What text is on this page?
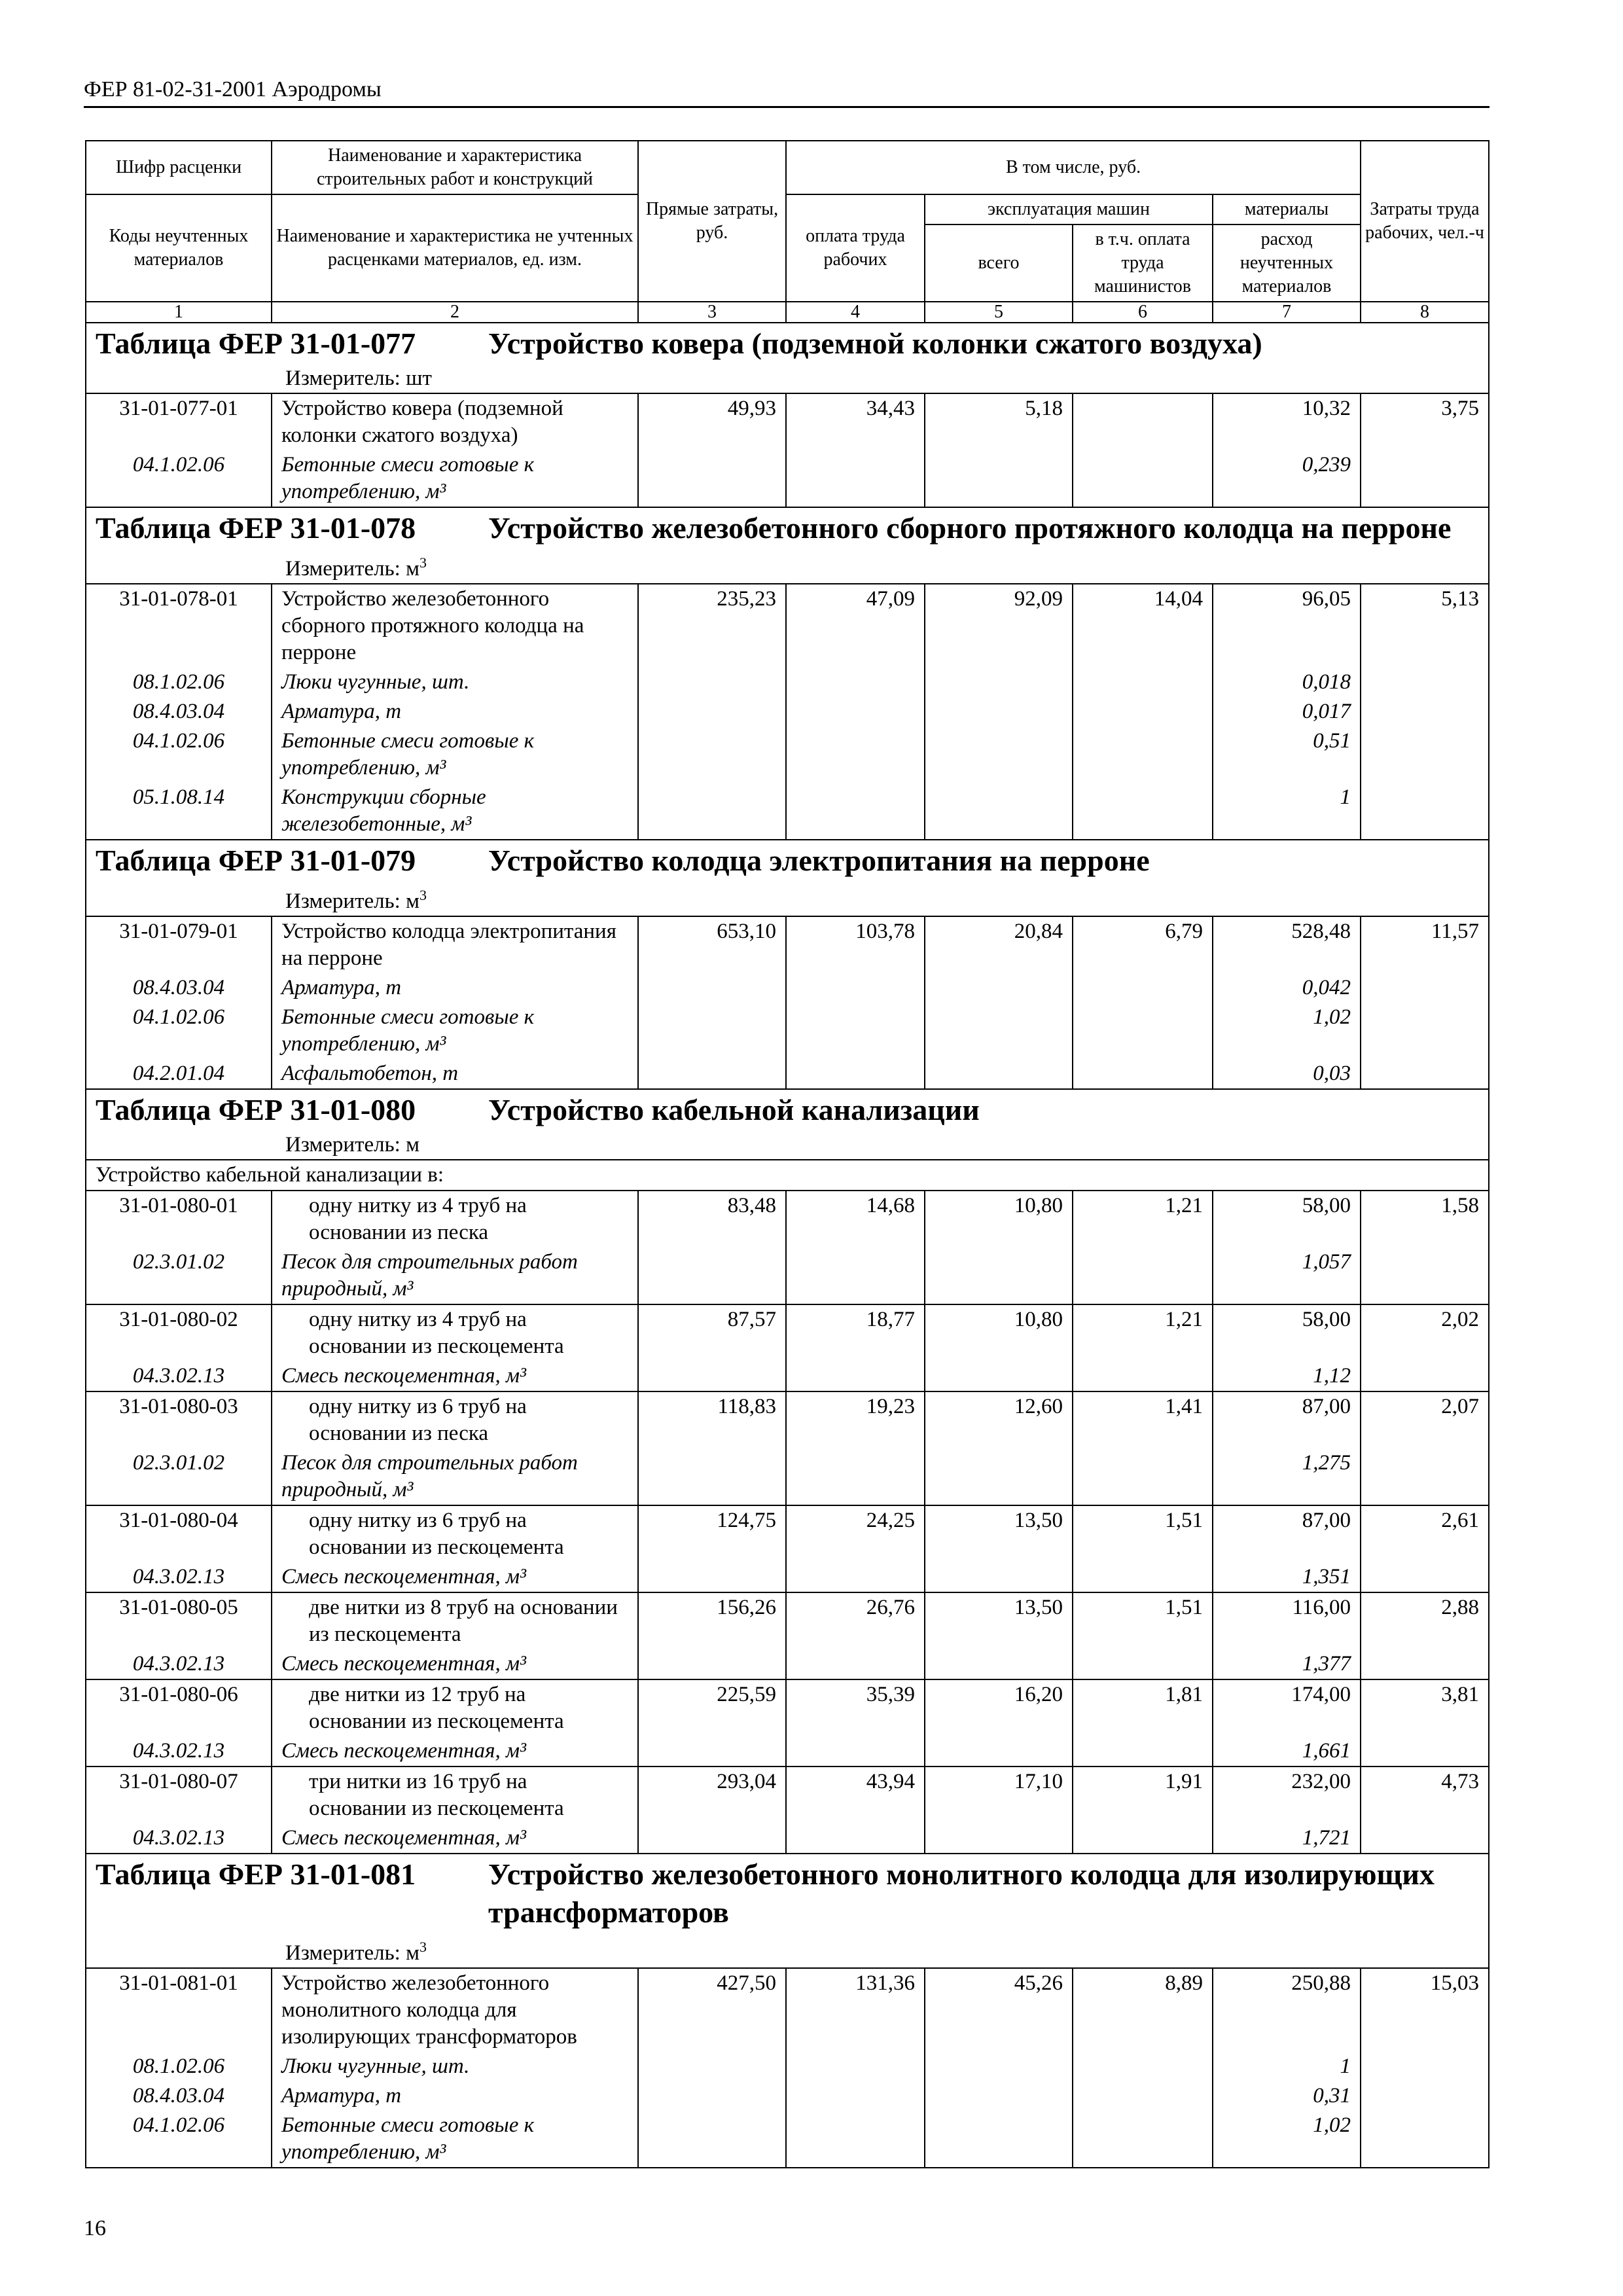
ФЕР 81-02-31-2001 Аэродромы
Шифр расценки	Наименование и характеристика строительных работ и конструкций	Прямые затраты, руб.	В том числе, руб.				Затраты труда рабочих, чел.-ч
Коды неучтенных материалов	Наименование и характеристика не учтенных расценками материалов, ед. изм.						
			оплата труда рабочих	эксплуатация машин		материалы	
				всего	в т.ч. оплата труда машинистов	расход неучтенных материалов	
1	2	3	4	5	6	7	8

Таблица ФЕР 31-01-077 Устройство ковера (подземной колонки сжатого воздуха)							

Измеритель: шт							

31-01-077-01	Устройство ковера (подземной колонки сжатого воздуха)	49,93	34,43	5,18		10,32	3,75
04.1.02.06	Бетонные смеси готовые к употреблению, м³					0,239	

Таблица ФЕР 31-01-078 Устройство железобетонного сборного протяжного колодца на перроне							

Измеритель: $м^3$

31-01-078-01	Устройство железобетонного сборного протяжного колодца на перроне	235,23	47,09	92,09	14,04	96,05	5,13
08.1.02.06	Люки чугунные, шт.					0,018	
08.4.03.04	Арматура, т					0,017	
04.1.02.06	Бетонные смеси готовые к употреблению, м³					0,51	
05.1.08.14	Конструкции сборные железобетонные, м³					1	

Таблица ФЕР 31-01-079 Устройство колодца электропитания на перроне							

Измеритель: $м^3$

31-01-079-01	Устройство колодца электропитания на перроне	653,10	103,78	20,84	6,79	528,48	11,57
08.4.03.04	Арматура, т					0,042	
04.1.02.06	Бетонные смеси готовые к употреблению, м³					1,02	
04.2.01.04	Асфальтобетон, т					0,03	

Таблица ФЕР 31-01-080 Устройство кабельной канализации							

Измеритель: м							

Устройство кабельной канализации в:							
31-01-080-01	одну нитку из 4 труб на основании из песка	83,48	14,68	10,80	1,21	58,00	1,58
02.3.01.02	Песок для строительных работ природный, м³					1,057	
31-01-080-02	одну нитку из 4 труб на основании из пескоцемента	87,57	18,77	10,80	1,21	58,00	2,02
04.3.02.13	Смесь пескоцементная, м³					1,12	
31-01-080-03	одну нитку из 6 труб на основании из песка	118,83	19,23	12,60	1,41	87,00	2,07
02.3.01.02	Песок для строительных работ природный, м³					1,275	
31-01-080-04	одну нитку из 6 труб на основании из пескоцемента	124,75	24,25	13,50	1,51	87,00	2,61
04.3.02.13	Смесь пескоцементная, м³					1,351	
31-01-080-05	две нитки из 8 труб на основании из пескоцемента	156,26	26,76	13,50	1,51	116,00	2,88
04.3.02.13	Смесь пескоцементная, м³					1,377	
31-01-080-06	две нитки из 12 труб на основании из пескоцемента	225,59	35,39	16,20	1,81	174,00	3,81
04.3.02.13	Смесь пескоцементная, м³					1,661	
31-01-080-07	три нитки из 16 труб на основании из пескоцемента	293,04	43,94	17,10	1,91	232,00	4,73
04.3.02.13	Смесь пескоцементная, м³					1,721	

Таблица ФЕР 31-01-081 Устройство железобетонного монолитного колодца для изолирующих трансформаторов							

Измеритель: $м^3$

31-01-081-01	Устройство железобетонного монолитного колодца для изолирующих трансформаторов	427,50	131,36	45,26	8,89	250,88	15,03
08.1.02.06	Люки чугунные, шт.					1	
08.4.03.04	Арматура, т					0,31	
04.1.02.06	Бетонные смеси готовые к употреблению, м³					1,02	
16
